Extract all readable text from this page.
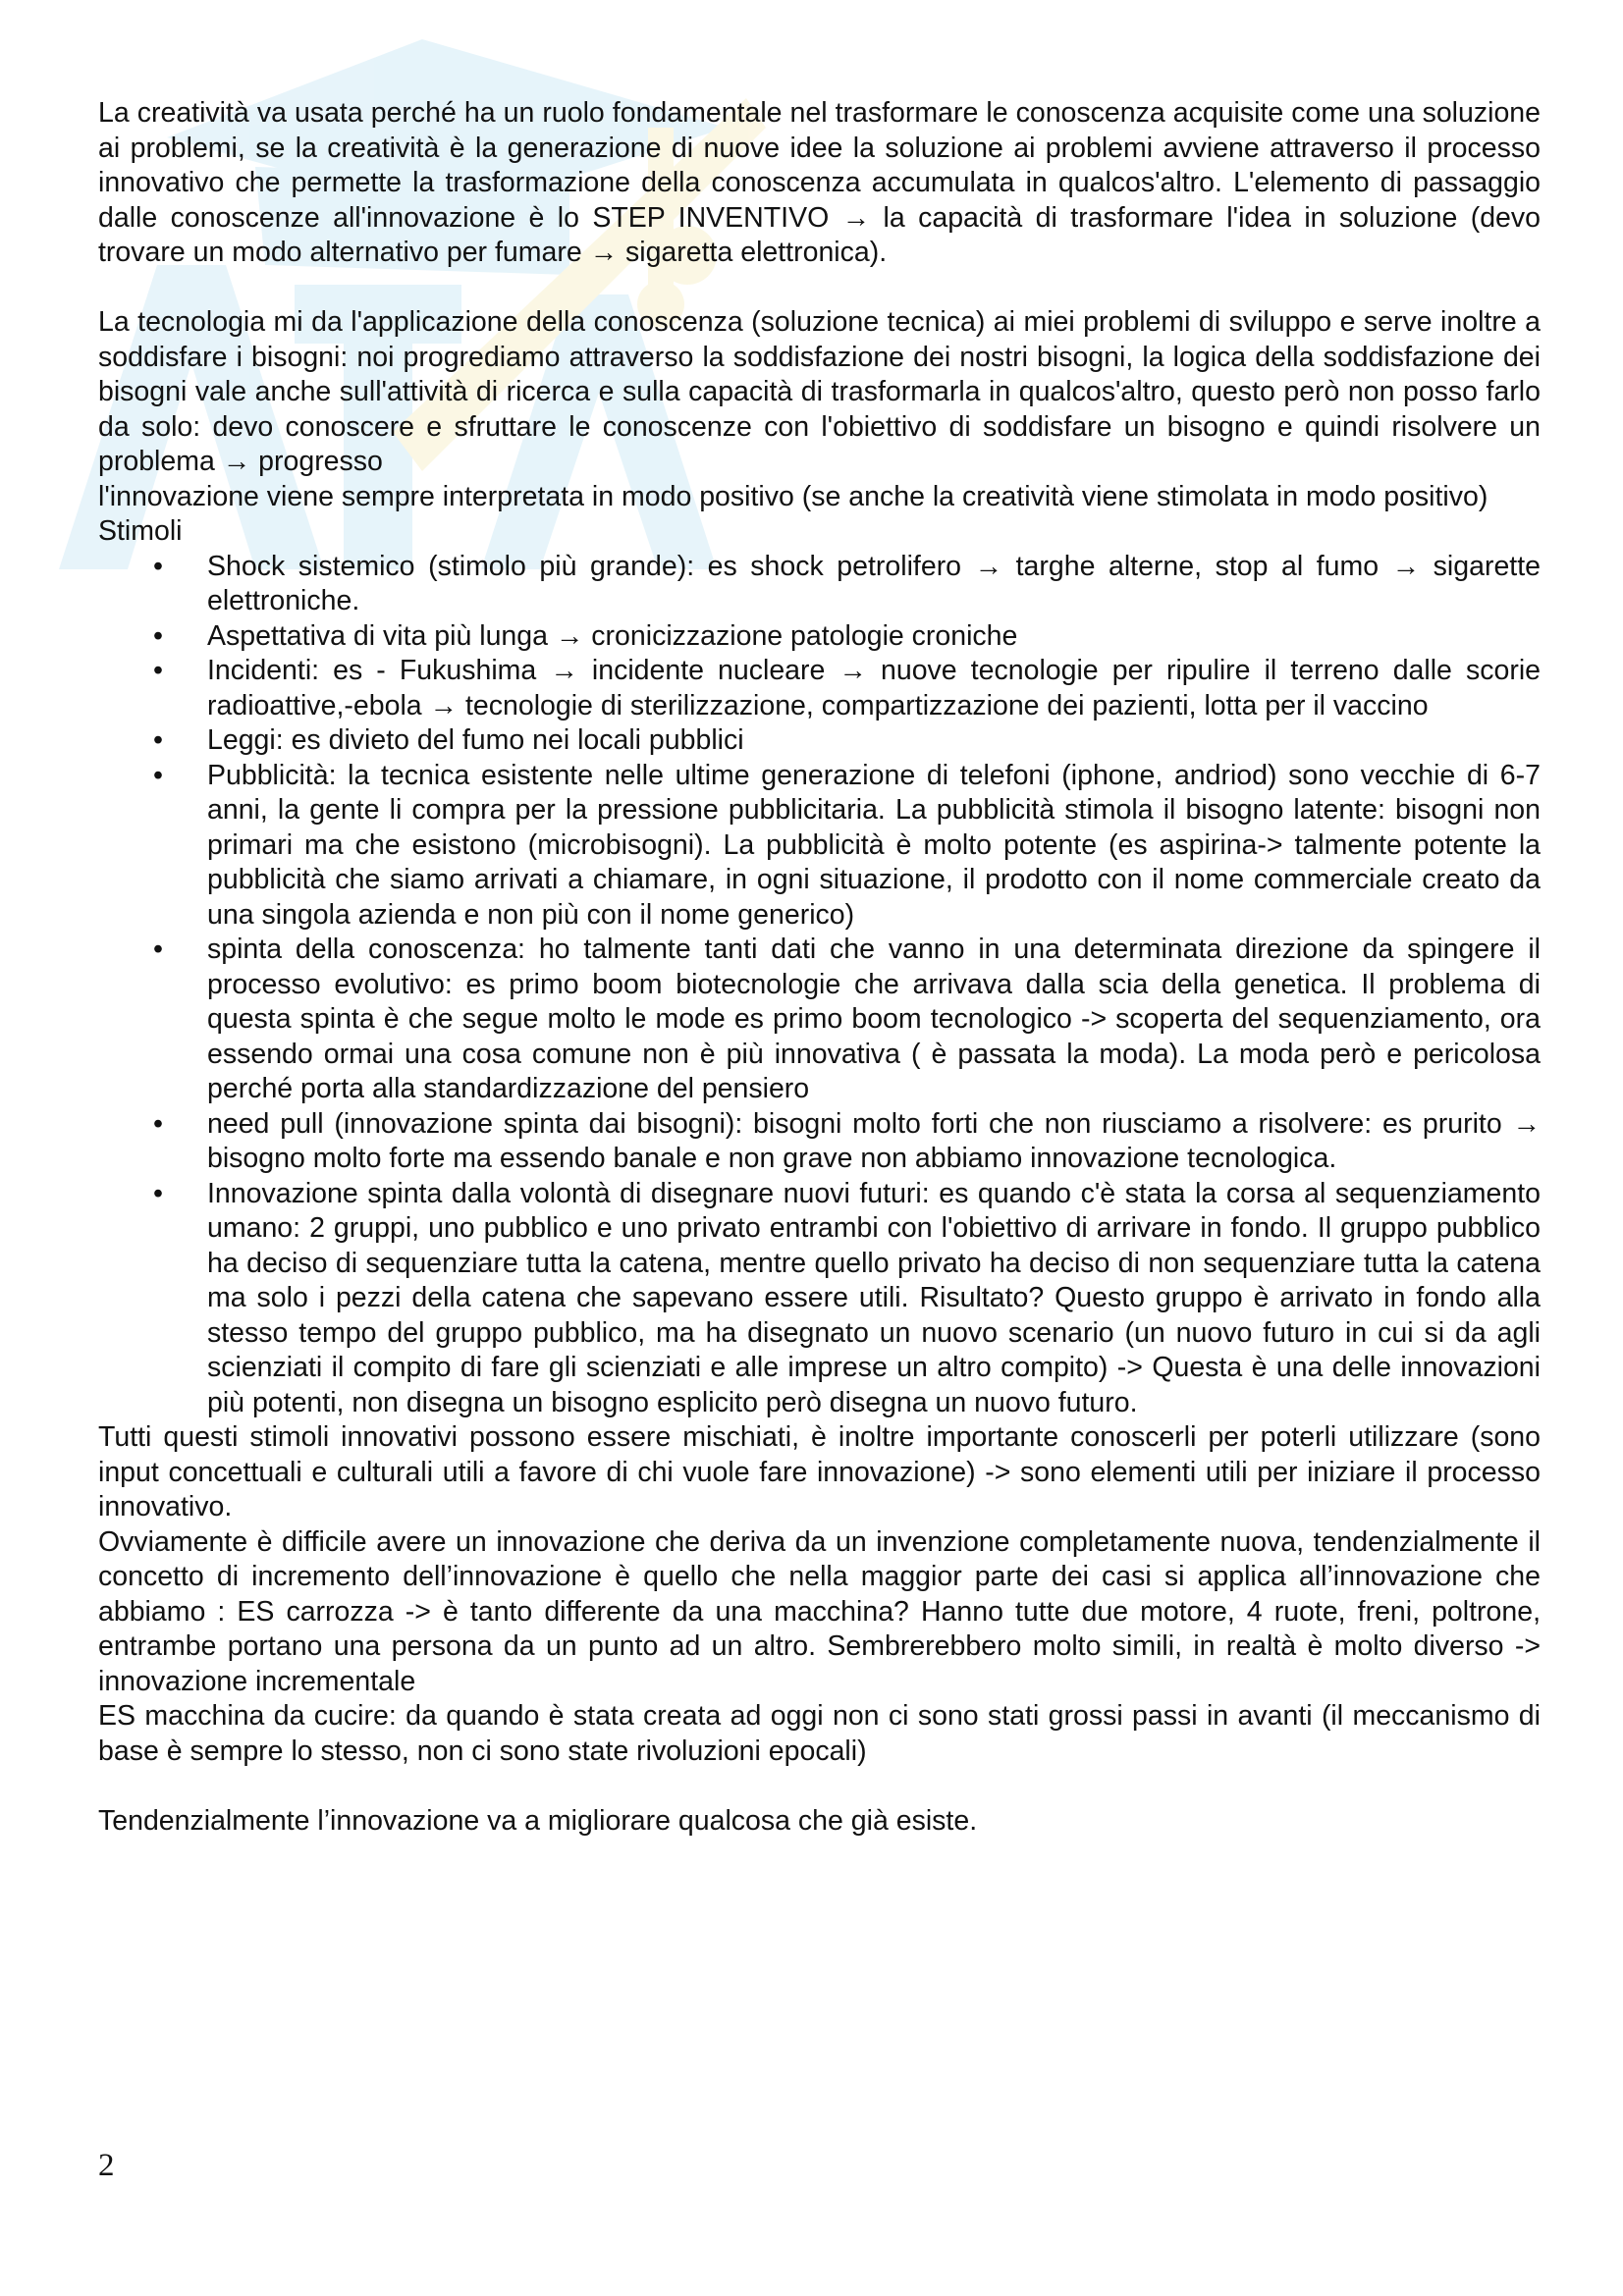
La creatività va usata perché ha un ruolo fondamentale nel trasformare le conoscenza acquisite come una soluzione ai problemi, se la creatività è la generazione di nuove idee la soluzione ai problemi avviene attraverso il processo innovativo che permette la trasformazione della conoscenza accumulata in qualcos'altro. L'elemento di passaggio dalle conoscenze all'innovazione è lo STEP INVENTIVO → la capacità di trasformare l'idea in soluzione (devo trovare un modo alternativo per fumare → sigaretta elettronica).

La tecnologia mi da l'applicazione della conoscenza (soluzione tecnica) ai miei problemi di sviluppo e serve inoltre a soddisfare i bisogni: noi progrediamo attraverso la soddisfazione dei nostri bisogni, la logica della soddisfazione dei bisogni vale anche sull'attività di ricerca e sulla capacità di trasformarla in qualcos'altro, questo però non posso farlo da solo: devo conoscere e sfruttare le conoscenze con l'obiettivo di soddisfare un bisogno e quindi risolvere un problema → progresso

l'innovazione viene sempre interpretata in modo positivo (se anche la creatività viene stimolata in modo positivo)

Stimoli

• Shock sistemico (stimolo più grande): es shock petrolifero → targhe alterne, stop al fumo → sigarette elettroniche.
• Aspettativa di vita più lunga → cronicizzazione patologie croniche
• Incidenti: es - Fukushima → incidente nucleare → nuove tecnologie per ripulire il terreno dalle scorie radioattive,-ebola → tecnologie di sterilizzazione, compartizzazione dei pazienti, lotta per il vaccino
• Leggi: es divieto del fumo nei locali pubblici
• Pubblicità: la tecnica esistente nelle ultime generazione di telefoni (iphone, andriod) sono vecchie di 6-7 anni, la gente li compra per la pressione pubblicitaria. La pubblicità stimola il bisogno latente: bisogni non primari ma che esistono (microbisogni). La pubblicità è molto potente (es aspirina-> talmente potente la pubblicità che siamo arrivati a chiamare, in ogni situazione, il prodotto con il nome commerciale creato da una singola azienda e non più con il nome generico)
• spinta della conoscenza: ho talmente tanti dati che vanno in una determinata direzione da spingere il processo evolutivo: es primo boom biotecnologie che arrivava dalla scia della genetica. Il problema di questa spinta è che segue molto le mode es primo boom tecnologico -> scoperta del sequenziamento, ora essendo ormai una cosa comune non è più innovativa ( è passata la moda). La moda però e pericolosa perché porta alla standardizzazione del pensiero
• need pull (innovazione spinta dai bisogni): bisogni molto forti che non riusciamo a risolvere: es prurito → bisogno molto forte ma essendo banale e non grave non abbiamo innovazione tecnologica.
• Innovazione spinta dalla volontà di disegnare nuovi futuri: es quando c'è stata la corsa al sequenziamento umano: 2 gruppi, uno pubblico e uno privato entrambi con l'obiettivo di arrivare in fondo. Il gruppo pubblico ha deciso di sequenziare tutta la catena, mentre quello privato ha deciso di non sequenziare tutta la catena ma solo i pezzi della catena che sapevano essere utili. Risultato? Questo gruppo è arrivato in fondo alla stesso tempo del gruppo pubblico, ma ha disegnato un nuovo scenario (un nuovo futuro in cui si da agli scienziati il compito di fare gli scienziati e alle imprese un altro compito) -> Questa è una delle innovazioni più potenti, non disegna un bisogno esplicito però disegna un nuovo futuro.

Tutti questi stimoli innovativi possono essere mischiati, è inoltre importante conoscerli per poterli utilizzare (sono input concettuali e culturali utili a favore di chi vuole fare innovazione) -> sono elementi utili per iniziare il processo innovativo.

Ovviamente è difficile avere un innovazione che deriva da un invenzione completamente nuova, tendenzialmente il concetto di incremento dell’innovazione è quello che nella maggior parte dei casi si applica all’innovazione che abbiamo : ES carrozza -> è tanto differente da una macchina? Hanno tutte due motore, 4 ruote, freni, poltrone, entrambe portano una persona da un punto ad un altro. Sembrerebbero molto simili, in realtà è molto diverso -> innovazione incrementale

ES macchina da cucire: da quando è stata creata ad oggi non ci sono stati grossi passi in avanti (il meccanismo di base è sempre lo stesso, non ci sono state rivoluzioni epocali)

Tendenzialmente l’innovazione va a migliorare qualcosa che già esiste.

2
